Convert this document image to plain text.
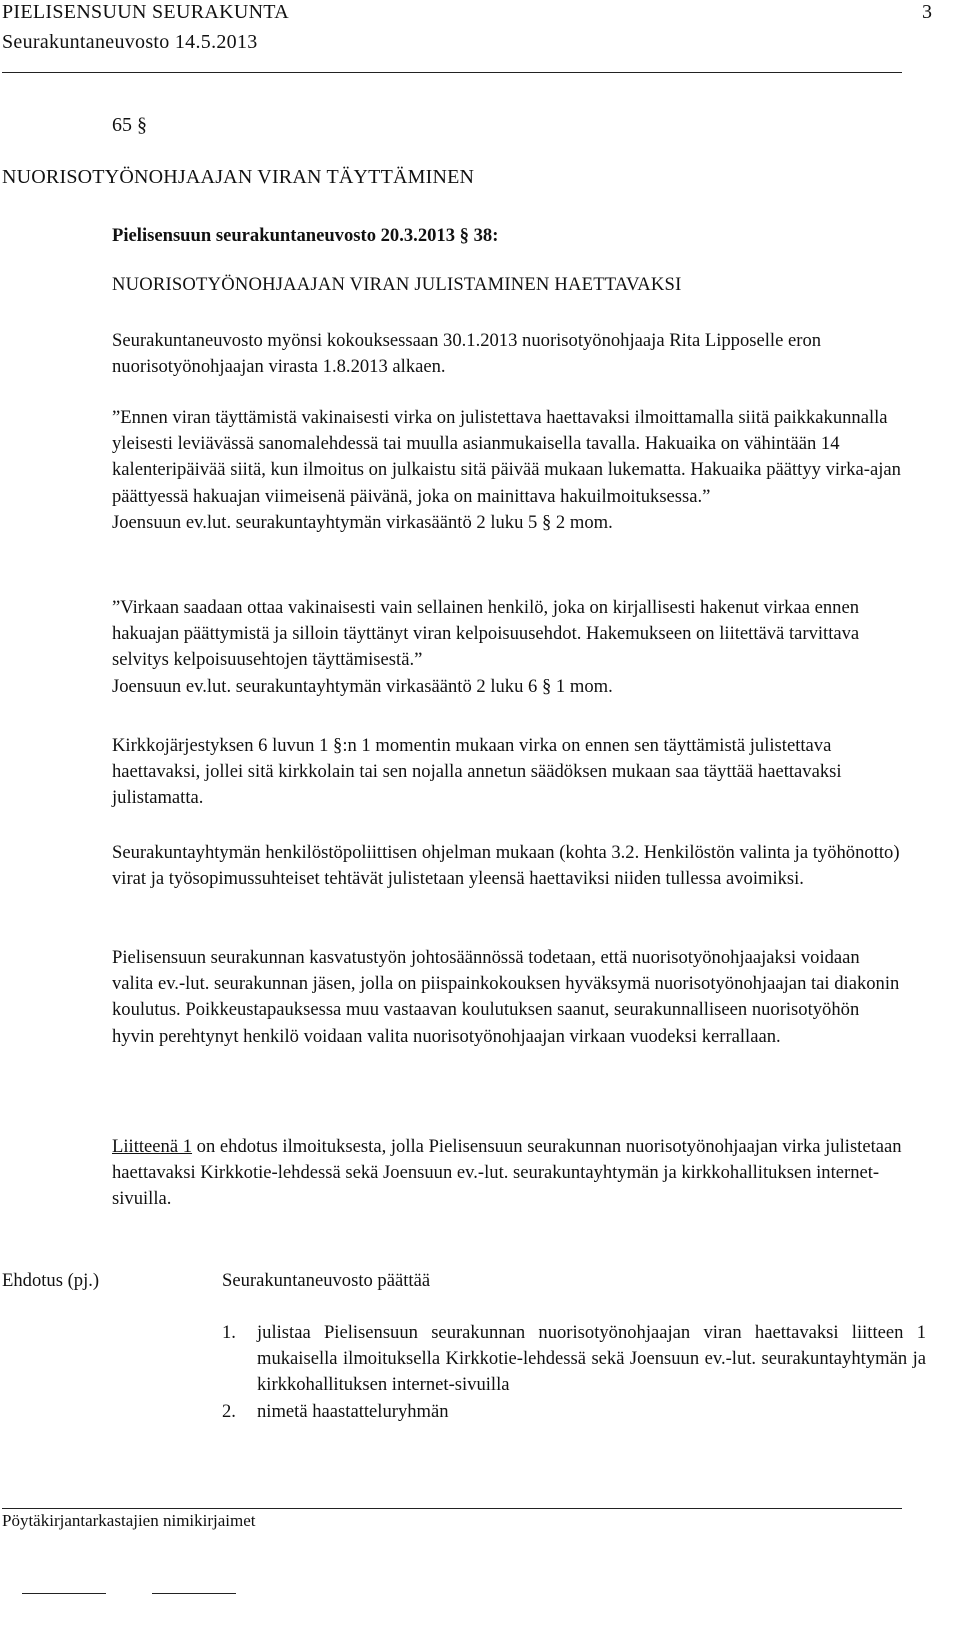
PIELISENSUUN SEURAKUNTA
Seurakuntaneuvosto 14.5.2013
3
65 §
NUORISOTYÖNOHJAAJAN VIRAN TÄYTTÄMINEN
Pielisensuun seurakuntaneuvosto 20.3.2013 § 38:
NUORISOTYÖNOHJAAJAN VIRAN JULISTAMINEN HAETTAVAKSI

Seurakuntaneuvosto myönsi kokouksessaan 30.1.2013 nuorisotyönohjaaja Rita Lipposelle eron nuorisotyönohjaajan virasta 1.8.2013 alkaen.

”Ennen viran täyttämistä vakinaisesti virka on julistettava haettavaksi ilmoittamalla siitä paikkakunnalla yleisesti leviävässä sanomalehdessä tai muulla asianmukaisella tavalla. Hakuaika on vähintään 14 kalenteripäivää siitä, kun ilmoitus on julkaistu sitä päivää mukaan lukematta. Hakuaika päättyy virka-ajan päättyessä hakuajan viimeisenä päivänä, joka on mainittava hakuilmoituksessa.”

Joensuun ev.lut. seurakuntayhtymän virkasääntö 2 luku 5 § 2 mom.

”Virkaan saadaan ottaa vakinaisesti vain sellainen henkilö, joka on kirjallisesti hakenut virkaa ennen hakuajan päättymistä ja silloin täyttänyt viran kelpoisuusehdot. Hakemukseen on liitettävä tarvittava selvitys kelpoisuusehtojen täyttämisestä.”

Joensuun ev.lut. seurakuntayhtymän virkasääntö 2 luku 6 § 1 mom.

Kirkkojärjestyksen 6 luvun 1 §:n 1 momentin mukaan virka on ennen sen täyttämistä julistettava haettavaksi, jollei sitä kirkkolain tai sen nojalla annetun säädöksen mukaan saa täyttää haettavaksi julistamatta.

Seurakuntayhtymän henkilöstöpoliittisen ohjelman mukaan (kohta 3.2. Henkilöstön valinta ja työhönotto) virat ja työsopimussuhteiset tehtävät julistetaan yleensä haettaviksi niiden tullessa avoimiksi.

Pielisensuun seurakunnan kasvatustyön johtosäännössä todetaan, että nuorisotyönohjaajaksi voidaan valita ev.-lut. seurakunnan jäsen, jolla on piispainkokouksen hyväksymä nuorisotyönohjaajan tai diakonin koulutus. Poikkeustapauksessa muu vastaavan koulutuksen saanut, seurakunnalliseen nuorisotyöhön hyvin perehtynyt henkilö voidaan valita nuorisotyönohjaajan virkaan vuodeksi kerrallaan.

Liitteenä 1 on ehdotus ilmoituksesta, jolla Pielisensuun seurakunnan nuorisotyönohjaajan virka julistetaan haettavaksi Kirkkotie-lehdessä sekä Joensuun ev.-lut. seurakuntayhtymän ja kirkkohallituksen internet-sivuilla.

Ehdotus (pj.)	Seurakuntaneuvosto päättää
1.	julistaa Pielisensuun seurakunnan nuorisotyönohjaajan viran haettavaksi liitteen 1 mukaisella ilmoituksella Kirkkotie-lehdessä sekä Joensuun ev.-lut. seurakuntayhtymän ja kirkkohallituksen internet-sivuilla
2.	nimetä haastatteluryhmän
Pöytäkirjantarkastajien nimikirjaimet
